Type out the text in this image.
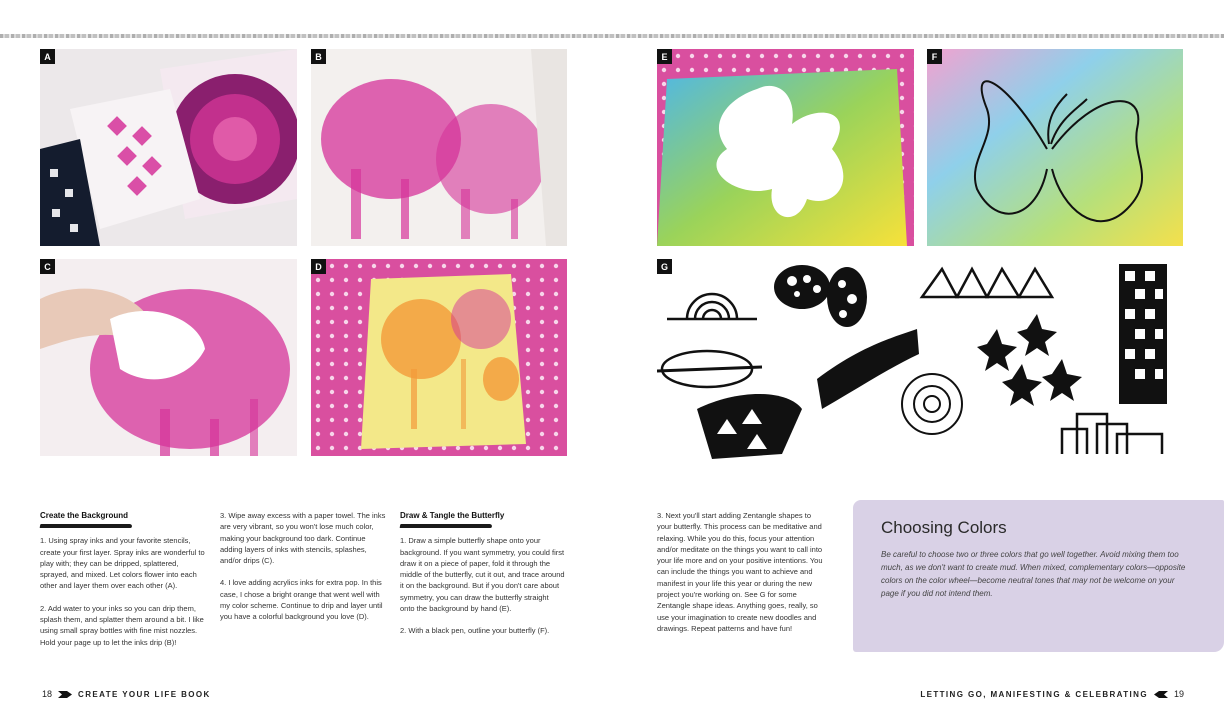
A	B
C	D
E	F
G
Create the Background

1. Using spray inks and your favorite stencils, create your first layer. Spray inks are wonderful to play with; they can be dripped, splattered, sprayed, and mixed. Let colors flower into each other and layer them over each other (A).

2. Add water to your inks so you can drip them, splash them, and splatter them around a bit. I like using small spray bottles with fine mist nozzles. Hold your page up to let the inks drip (B)!

3. Wipe away excess with a paper towel. The inks are very vibrant, so you won't lose much color, making your background too dark. Continue adding layers of inks with stencils, splashes, and/or drips (C).

4. I love adding acrylics inks for extra pop. In this case, I chose a bright orange that went well with my color scheme. Continue to drip and layer until you have a colorful background you love (D).

Draw & Tangle the Butterfly

1. Draw a simple butterfly shape onto your background. If you want symmetry, you could first draw it on a piece of paper, fold it through the middle of the butterfly, cut it out, and trace around it on the background. But if you don't care about symmetry, you can draw the butterfly straight onto the background by hand (E).

2. With a black pen, outline your butterfly (F).

3. Next you'll start adding Zentangle shapes to your butterfly. This process can be meditative and relaxing. While you do this, focus your attention and/or meditate on the things you want to call into your life more and on your positive intentions. You can include the things you want to achieve and manifest in your life this year or during the new project you're working on. See G for some Zentangle shape ideas. Anything goes, really, so use your imagination to create new doodles and drawings. Repeat patterns and have fun!

Choosing Colors

Be careful to choose two or three colors that go well together. Avoid mixing them too much, as we don't want to create mud. When mixed, complementary colors—opposite colors on the color wheel—become neutral tones that may not be welcome on your page if you did not intend them.

18	CREATE YOUR LIFE BOOK	LETTING GO, MANIFESTING & CELEBRATING	19
